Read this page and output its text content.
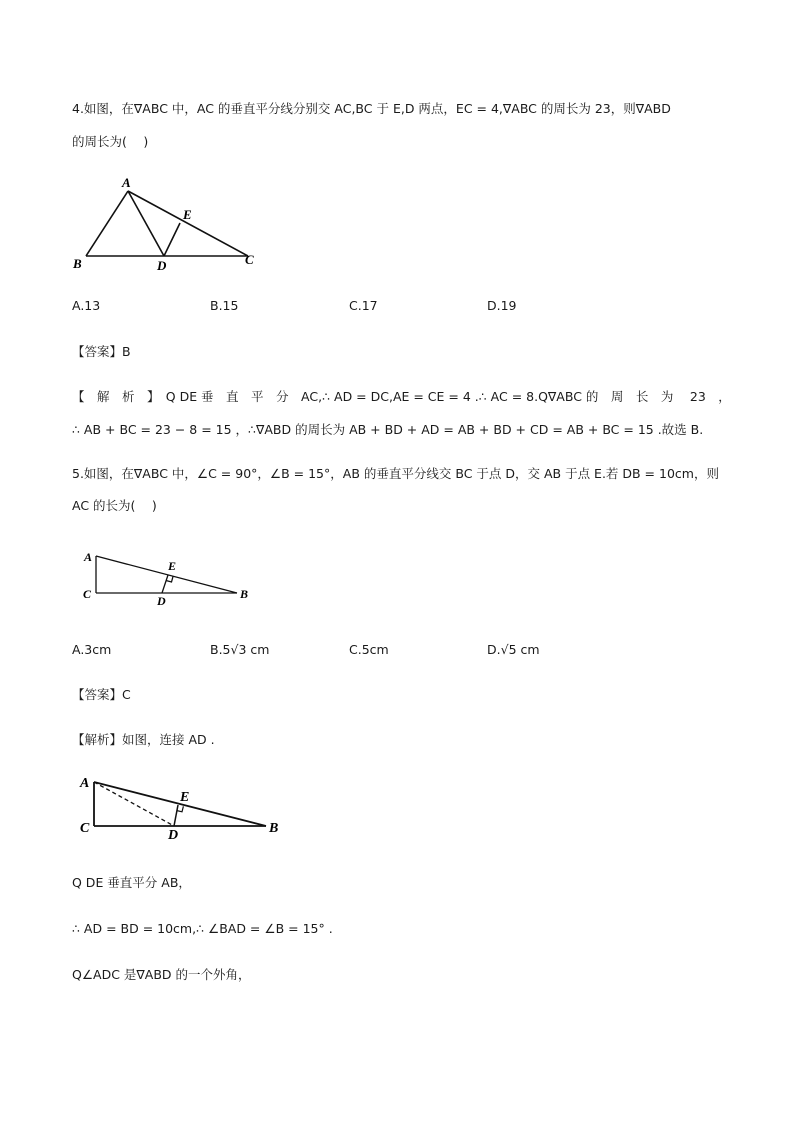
4.如图，在∇ABC 中，AC 的垂直平分线分别交 AC,BC 于 E,D 两点，EC = 4,∇ABC 的周长为 23，则∇ABD
的周长为(　 )
A
E
B	D	C
A.13	B.15	C.17	D.19
【答案】B
【　解　析　】　Q DE 垂　直　平　分　AC,∴ AD = DC,AE = CE = 4 .∴ AC = 8.Q∇ABC 的　周　长　为　 23　，
∴ AB + BC = 23 − 8 = 15 ，∴∇ABD 的周长为 AB + BD + AD = AB + BD + CD = AB + BC = 15 .故选 B.
5.如图，在∇ABC 中，∠C = 90°，∠B = 15°，AB 的垂直平分线交 BC 于点 D，交 AB 于点 E.若 DB = 10cm，则
AC 的长为(　 )
A
E
C	D	B
A.3cm	B.5√3 cm	C.5cm	D.√5 cm
【答案】C
【解析】如图，连接 AD .
A
E
C	D	B
Q DE 垂直平分 AB，
∴ AD = BD = 10cm,∴ ∠BAD = ∠B = 15° .
Q∠ADC 是∇ABD 的一个外角，
